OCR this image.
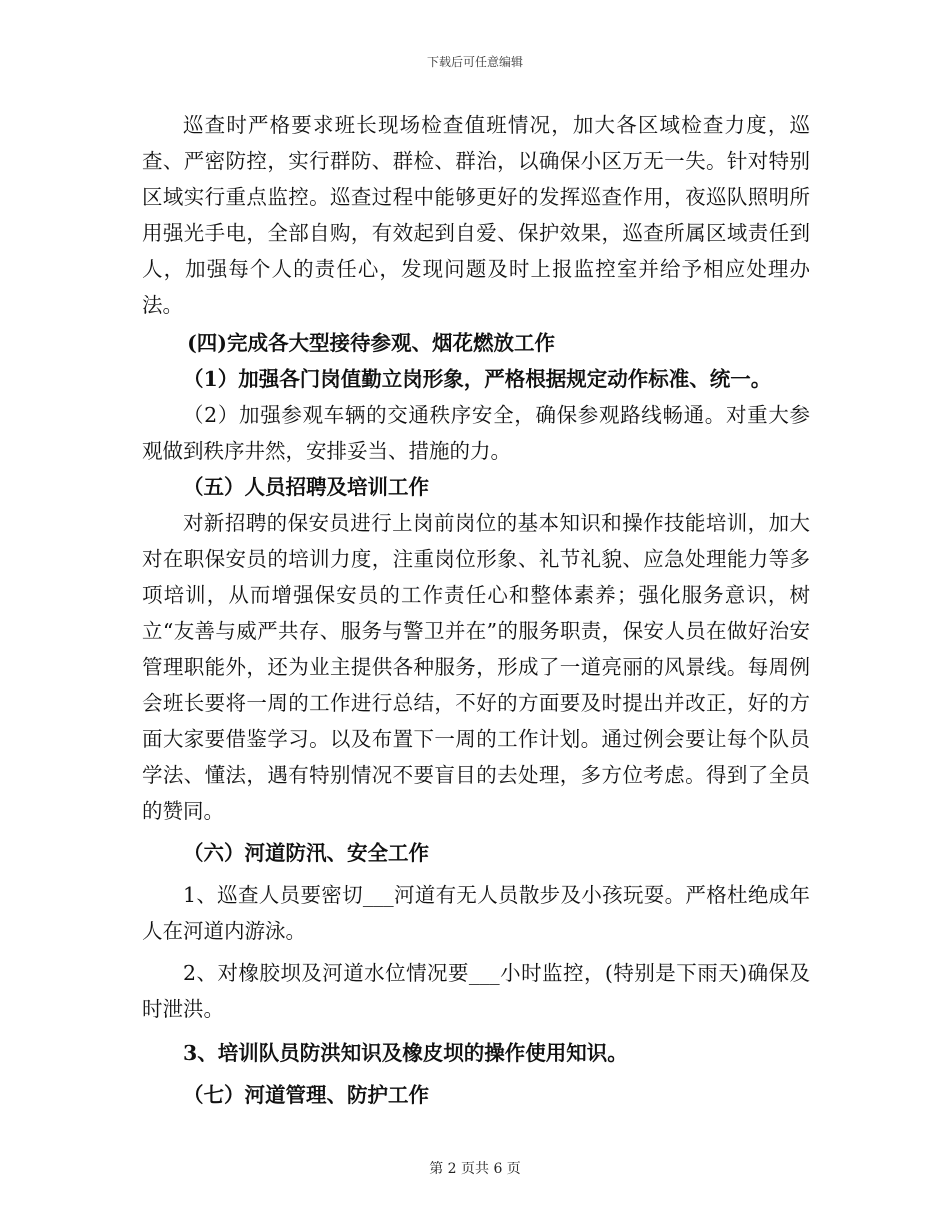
下载后可任意编辑

巡查时严格要求班长现场检查值班情况，加大各区域检查力度，巡查、严密防控，实行群防、群检、群治，以确保小区万无一失。针对特别区域实行重点监控。巡查过程中能够更好的发挥巡查作用，夜巡队照明所用强光手电，全部自购，有效起到自爱、保护效果，巡查所属区域责任到人，加强每个人的责任心，发现问题及时上报监控室并给予相应处理办法。

(四)完成各大型接待参观、烟花燃放工作

（1）加强各门岗值勤立岗形象，严格根据规定动作标准、统一。

（2）加强参观车辆的交通秩序安全，确保参观路线畅通。对重大参观做到秩序井然，安排妥当、措施的力。

（五）人员招聘及培训工作

对新招聘的保安员进行上岗前岗位的基本知识和操作技能培训，加大对在职保安员的培训力度，注重岗位形象、礼节礼貌、应急处理能力等多项培训，从而增强保安员的工作责任心和整体素养；强化服务意识，树立“友善与威严共存、服务与警卫并在”的服务职责，保安人员在做好治安管理职能外，还为业主提供各种服务，形成了一道亮丽的风景线。每周例会班长要将一周的工作进行总结，不好的方面要及时提出并改正，好的方面大家要借鉴学习。以及布置下一周的工作计划。通过例会要让每个队员学法、懂法，遇有特别情况不要盲目的去处理，多方位考虑。得到了全员的赞同。

（六）河道防汛、安全工作

1、巡查人员要密切___河道有无人员散步及小孩玩耍。严格杜绝成年人在河道内游泳。

2、对橡胶坝及河道水位情况要___小时监控，(特别是下雨天)确保及时泄洪。

3、培训队员防洪知识及橡皮坝的操作使用知识。

（七）河道管理、防护工作

第 2 页共 6 页
